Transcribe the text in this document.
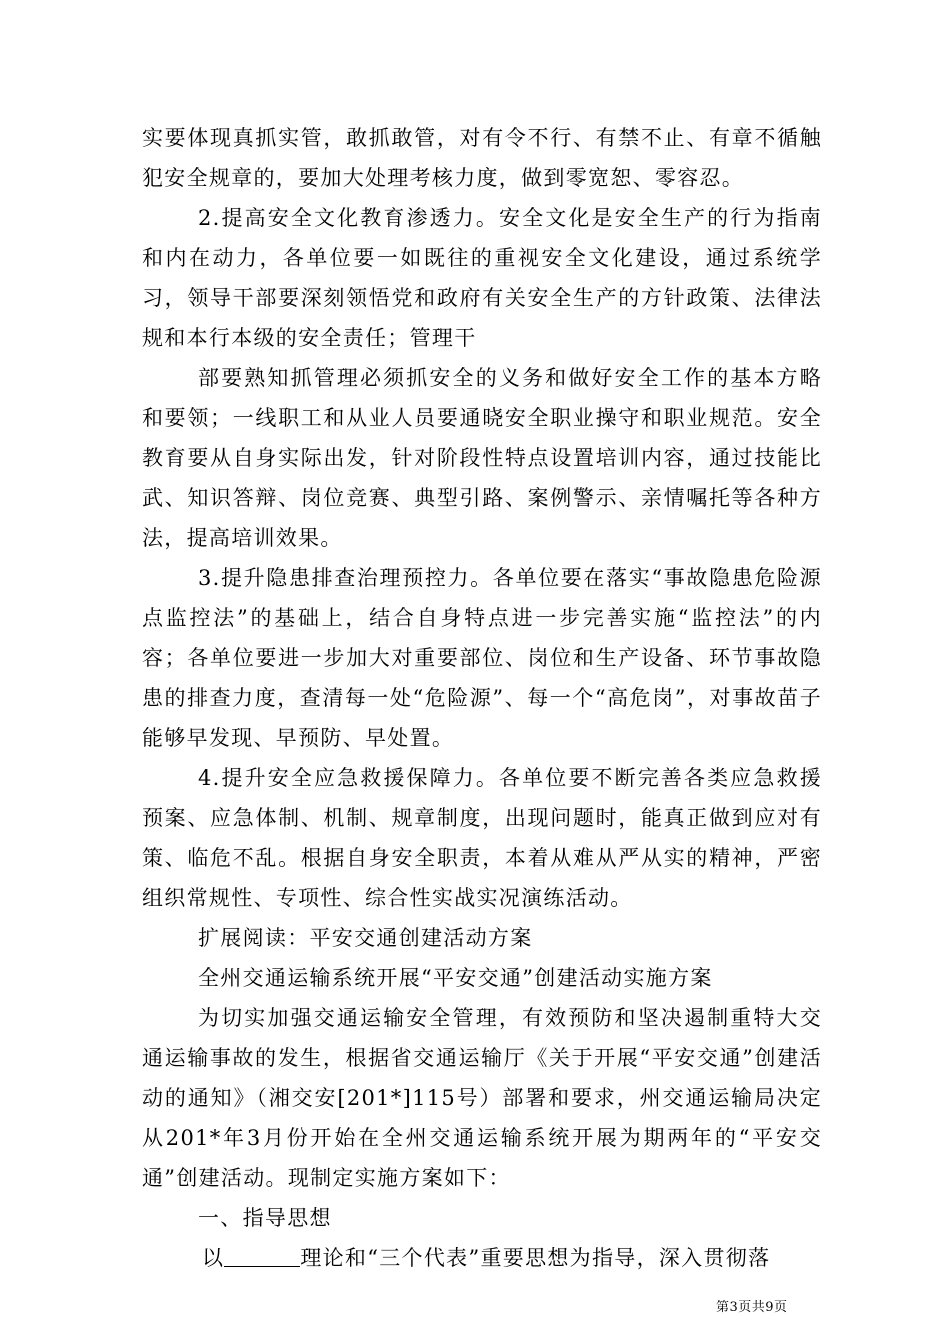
实要体现真抓实管，敢抓敢管，对有令不行、有禁不止、有章不循触犯安全规章的，要加大处理考核力度，做到零宽恕、零容忍。

2.提高安全文化教育渗透力。安全文化是安全生产的行为指南和内在动力，各单位要一如既往的重视安全文化建设，通过系统学习，领导干部要深刻领悟党和政府有关安全生产的方针政策、法律法规和本行本级的安全责任；管理干

部要熟知抓管理必须抓安全的义务和做好安全工作的基本方略和要领；一线职工和从业人员要通晓安全职业操守和职业规范。安全教育要从自身实际出发，针对阶段性特点设置培训内容，通过技能比武、知识答辩、岗位竞赛、典型引路、案例警示、亲情嘱托等各种方法，提高培训效果。

3.提升隐患排查治理预控力。各单位要在落实“事故隐患危险源点监控法”的基础上，结合自身特点进一步完善实施“监控法”的内容；各单位要进一步加大对重要部位、岗位和生产设备、环节事故隐患的排查力度，查清每一处“危险源”、每一个“高危岗”，对事故苗子能够早发现、早预防、早处置。

4.提升安全应急救援保障力。各单位要不断完善各类应急救援预案、应急体制、机制、规章制度，出现问题时，能真正做到应对有策、临危不乱。根据自身安全职责，本着从难从严从实的精神，严密组织常规性、专项性、综合性实战实况演练活动。

扩展阅读：平安交通创建活动方案

全州交通运输系统开展“平安交通”创建活动实施方案

为切实加强交通运输安全管理，有效预防和坚决遏制重特大交通运输事故的发生，根据省交通运输厅《关于开展“平安交通”创建活动的通知》（湘交安[201*]115号）部署和要求，州交通运输局决定从201*年3月份开始在全州交通运输系统开展为期两年的“平安交通”创建活动。现制定实施方案如下：

一、指导思想

以	理论和“三个代表”重要思想为指导，深入贯彻落

第3页共9页
